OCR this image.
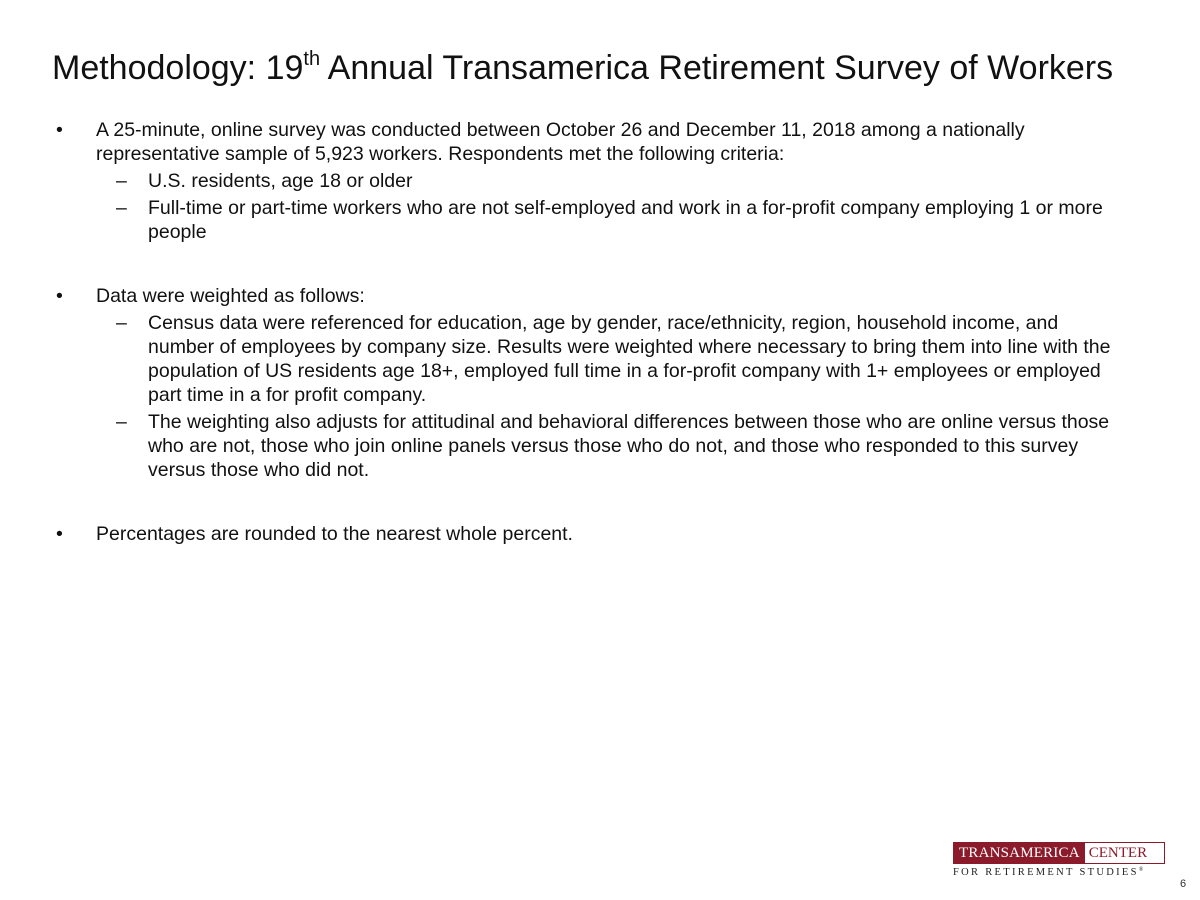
Methodology: 19th Annual Transamerica Retirement Survey of Workers
•	A 25-minute, online survey was conducted between October 26 and December 11, 2018 among a nationally representative sample of 5,923 workers. Respondents met the following criteria:
– U.S. residents, age 18 or older
– Full-time or part-time workers who are not self-employed and work in a for-profit company employing 1 or more people
•	Data were weighted as follows:
– Census data were referenced for education, age by gender, race/ethnicity, region, household income, and number of employees by company size. Results were weighted where necessary to bring them into line with the population of US residents age 18+, employed full time in a for-profit company with 1+ employees or employed part time in a for profit company.
– The weighting also adjusts for attitudinal and behavioral differences between those who are online versus those who are not, those who join online panels versus those who do not, and those who responded to this survey versus those who did not.
•	Percentages are rounded to the nearest whole percent.
TRANSAMERICA CENTER
FOR RETIREMENT STUDIES®
6
